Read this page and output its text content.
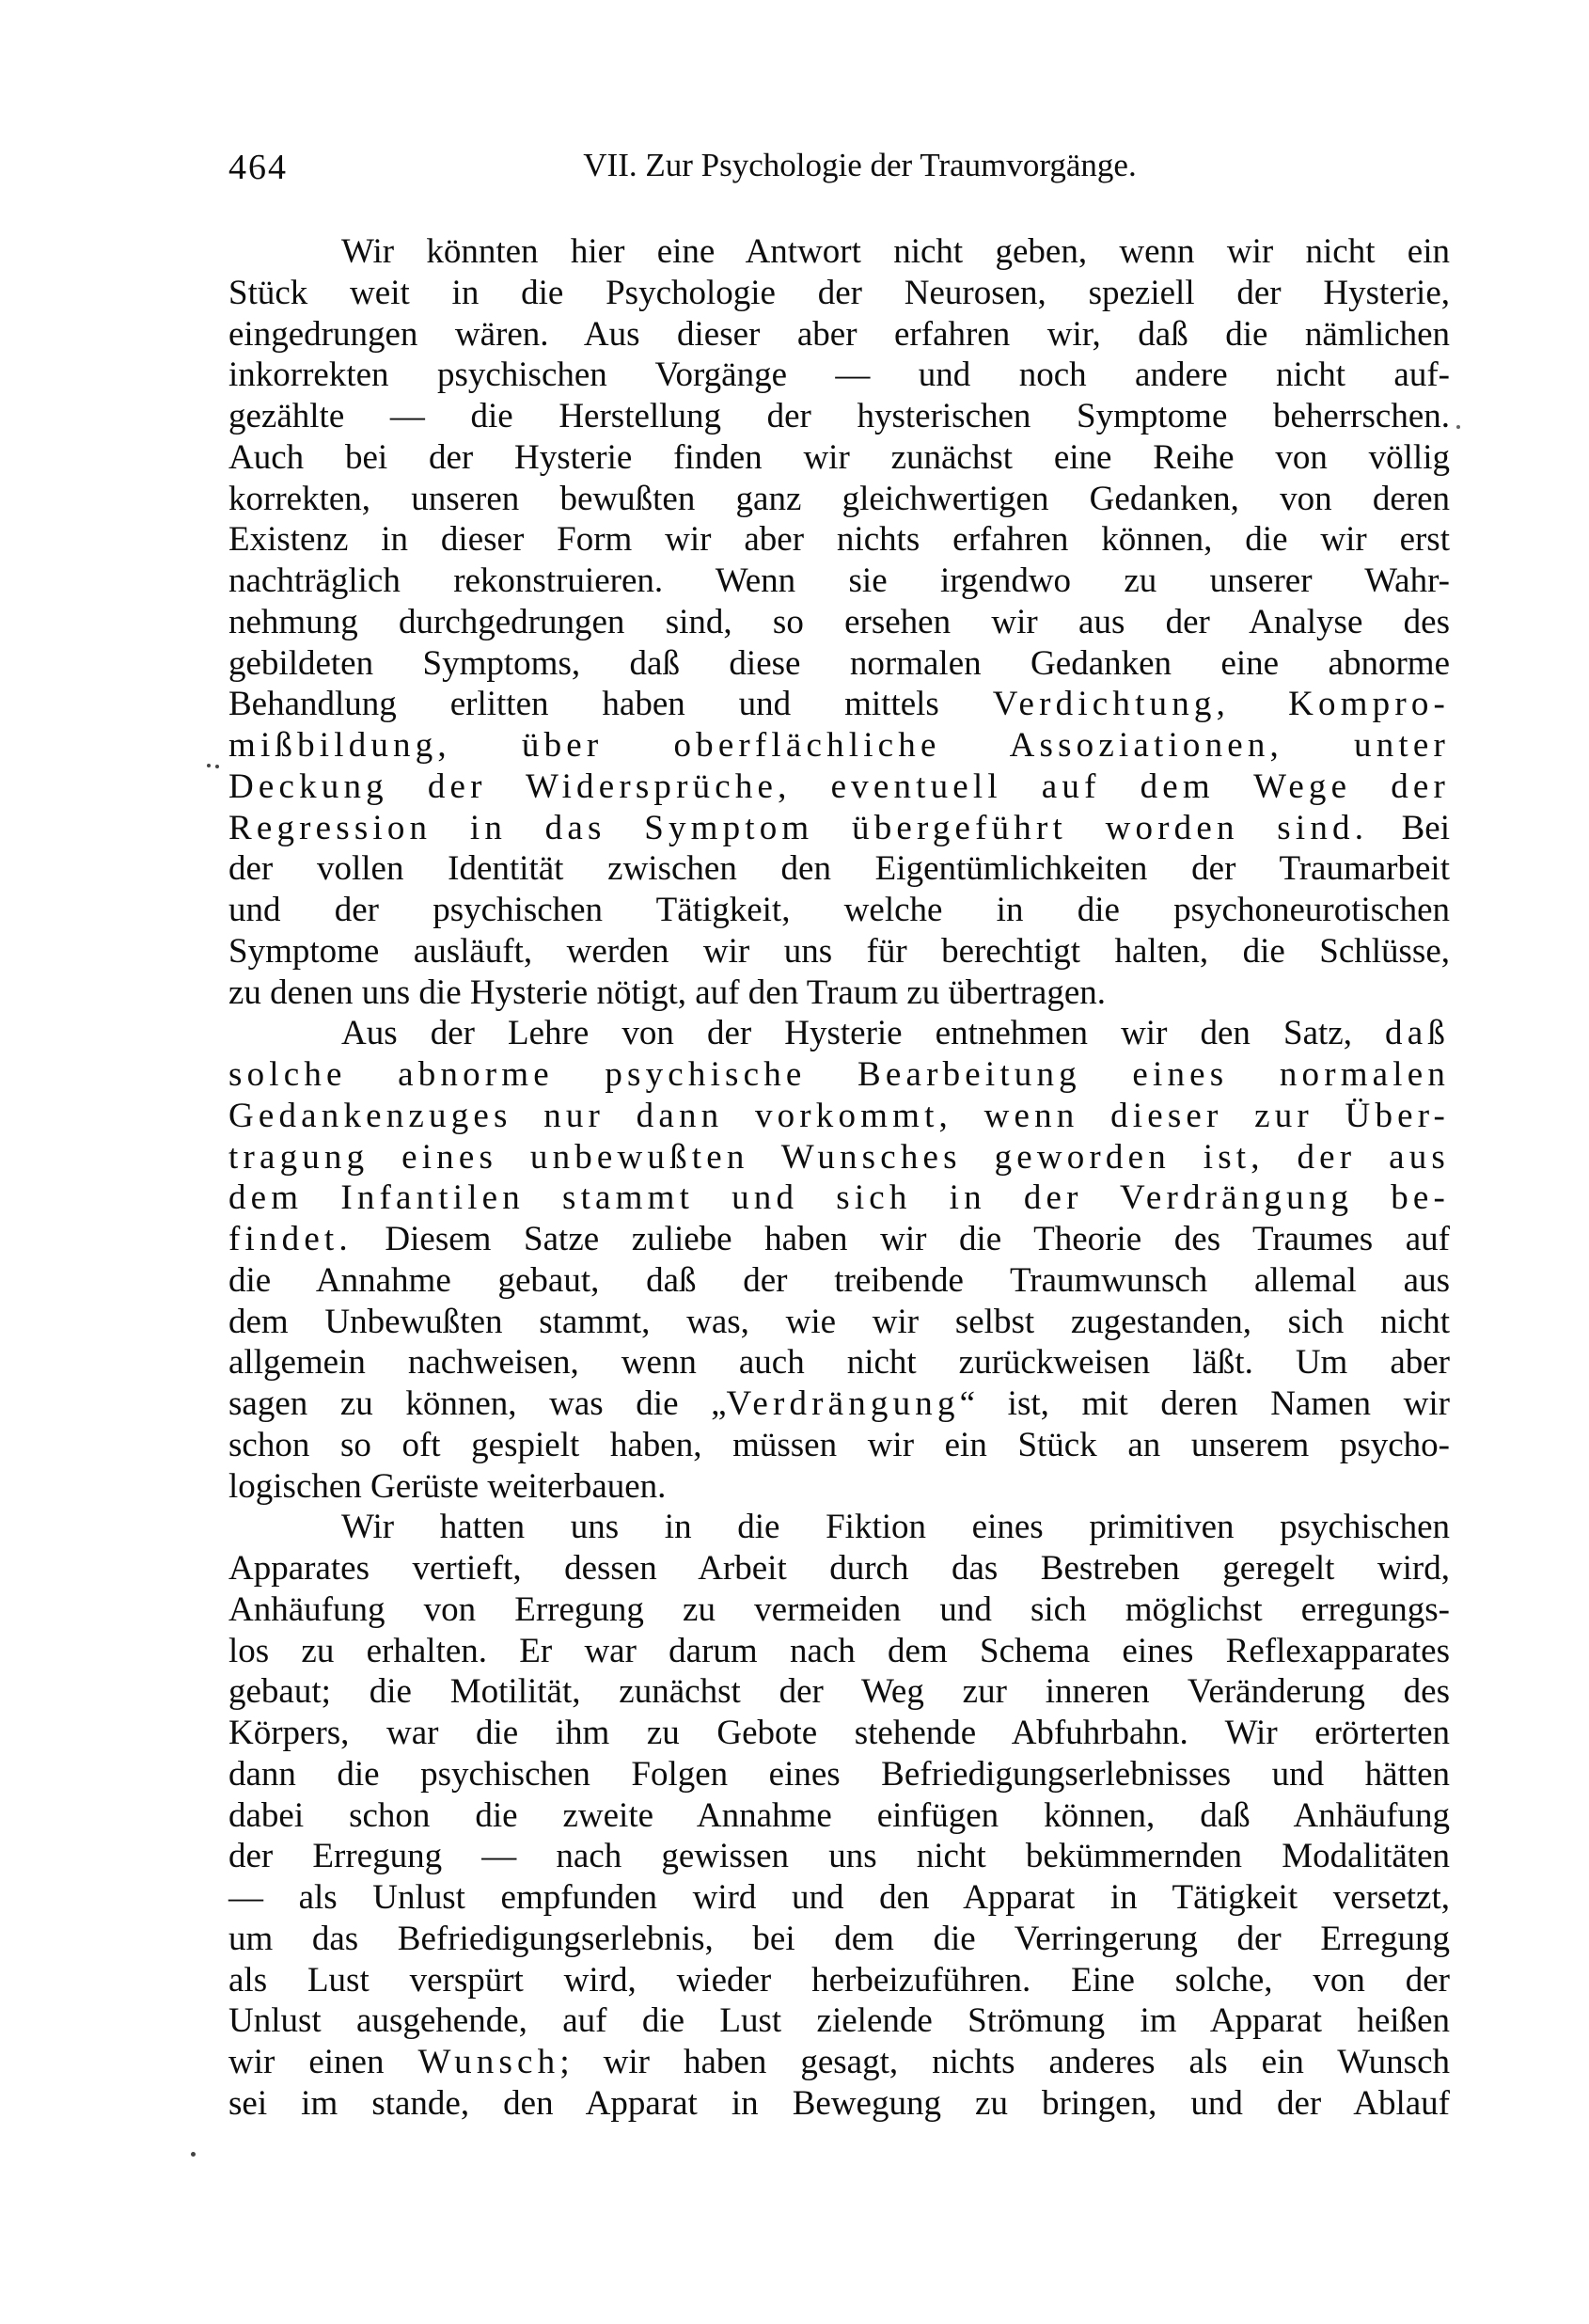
464	VII. Zur Psychologie der Traumvorgänge.
Wir könnten hier eine Antwort nicht geben, wenn wir nicht ein
Stück weit in die Psychologie der Neurosen, speziell der Hysterie,
eingedrungen wären. Aus dieser aber erfahren wir, daß die nämlichen
inkorrekten psychischen Vorgänge — und noch andere nicht auf-
gezählte — die Herstellung der hysterischen Symptome beherrschen.
Auch bei der Hysterie finden wir zunächst eine Reihe von völlig
korrekten, unseren bewußten ganz gleichwertigen Gedanken, von deren
Existenz in dieser Form wir aber nichts erfahren können, die wir erst
nachträglich rekonstruieren. Wenn sie irgendwo zu unserer Wahr-
nehmung durchgedrungen sind, so ersehen wir aus der Analyse des
gebildeten Symptoms, daß diese normalen Gedanken eine abnorme
Behandlung erlitten haben und mittels Verdichtung, Kompro-
mißbildung, über oberflächliche Assoziationen, unter
Deckung der Widersprüche, eventuell auf dem Wege der
Regression in das Symptom übergeführt worden sind. Bei
der vollen Identität zwischen den Eigentümlichkeiten der Traumarbeit
und der psychischen Tätigkeit, welche in die psychoneurotischen
Symptome ausläuft, werden wir uns für berechtigt halten, die Schlüsse,
zu denen uns die Hysterie nötigt, auf den Traum zu übertragen.
Aus der Lehre von der Hysterie entnehmen wir den Satz, daß
solche abnorme psychische Bearbeitung eines normalen
Gedankenzuges nur dann vorkommt, wenn dieser zur Über-
tragung eines unbewußten Wunsches geworden ist, der aus
dem Infantilen stammt und sich in der Verdrängung be-
findet. Diesem Satze zuliebe haben wir die Theorie des Traumes auf
die Annahme gebaut, daß der treibende Traumwunsch allemal aus
dem Unbewußten stammt, was, wie wir selbst zugestanden, sich nicht
allgemein nachweisen, wenn auch nicht zurückweisen läßt. Um aber
sagen zu können, was die „Verdrängung“ ist, mit deren Namen wir
schon so oft gespielt haben, müssen wir ein Stück an unserem psycho-
logischen Gerüste weiterbauen.
Wir hatten uns in die Fiktion eines primitiven psychischen
Apparates vertieft, dessen Arbeit durch das Bestreben geregelt wird,
Anhäufung von Erregung zu vermeiden und sich möglichst erregungs-
los zu erhalten. Er war darum nach dem Schema eines Reflexapparates
gebaut; die Motilität, zunächst der Weg zur inneren Veränderung des
Körpers, war die ihm zu Gebote stehende Abfuhrbahn. Wir erörterten
dann die psychischen Folgen eines Befriedigungserlebnisses und hätten
dabei schon die zweite Annahme einfügen können, daß Anhäufung
der Erregung — nach gewissen uns nicht bekümmernden Modalitäten
— als Unlust empfunden wird und den Apparat in Tätigkeit versetzt,
um das Befriedigungserlebnis, bei dem die Verringerung der Erregung
als Lust verspürt wird, wieder herbeizuführen. Eine solche, von der
Unlust ausgehende, auf die Lust zielende Strömung im Apparat heißen
wir einen Wunsch; wir haben gesagt, nichts anderes als ein Wunsch
sei im stande, den Apparat in Bewegung zu bringen, und der Ablauf
